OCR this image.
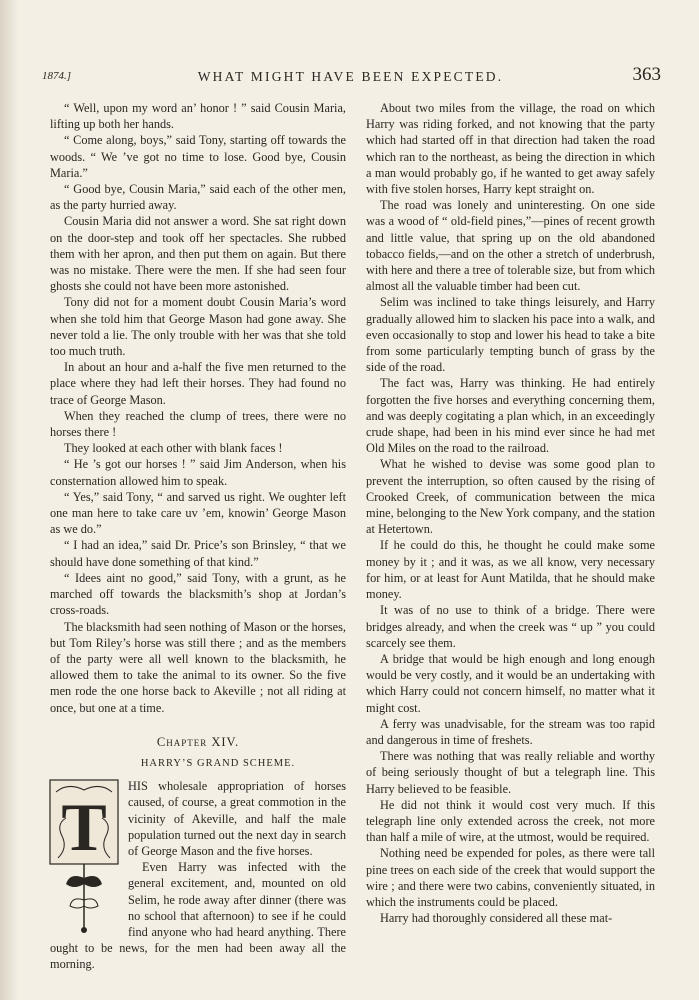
1874.]	WHAT MIGHT HAVE BEEN EXPECTED.	363

“ Well, upon my word an’ honor ! ” said Cousin Maria, lifting up both her hands.

“ Come along, boys,” said Tony, starting off towards the woods. “ We ’ve got no time to lose. Good bye, Cousin Maria.”

“ Good bye, Cousin Maria,” said each of the other men, as the party hurried away.

Cousin Maria did not answer a word. She sat right down on the door-step and took off her spectacles. She rubbed them with her apron, and then put them on again. But there was no mistake. There were the men. If she had seen four ghosts she could not have been more astonished.

Tony did not for a moment doubt Cousin Maria’s word when she told him that George Mason had gone away. She never told a lie. The only trouble with her was that she told too much truth.

In about an hour and a-half the five men returned to the place where they had left their horses. They had found no trace of George Mason.

When they reached the clump of trees, there were no horses there !

They looked at each other with blank faces !

“ He ’s got our horses ! ” said Jim Anderson, when his consternation allowed him to speak.

“ Yes,” said Tony, “ and sarved us right. We oughter left one man here to take care uv ’em, knowin’ George Mason as we do.”

“ I had an idea,” said Dr. Price’s son Brinsley, “ that we should have done something of that kind.”

“ Idees aint no good,” said Tony, with a grunt, as he marched off towards the blacksmith’s shop at Jordan’s cross-roads.

The blacksmith had seen nothing of Mason or the horses, but Tom Riley’s horse was still there ; and as the members of the party were all well known to the blacksmith, he allowed them to take the animal to its owner. So the five men rode the one horse back to Akeville ; not all riding at once, but one at a time.

Chapter XIV.
HARRY’S GRAND SCHEME.
T

HIS wholesale appropriation of horses caused, of course, a great commotion in the vicinity of Akeville, and half the male population turned out the next day in search of George Mason and the five horses.

Even Harry was infected with the general excitement, and, mounted on old Selim, he rode away after dinner (there was no school that afternoon) to see if he could find anyone who had heard anything. There ought to be news, for the men had been away all the morning.

About two miles from the village, the road on which Harry was riding forked, and not knowing that the party which had started off in that direction had taken the road which ran to the northeast, as being the direction in which a man would probably go, if he wanted to get away safely with five stolen horses, Harry kept straight on.

The road was lonely and uninteresting. On one side was a wood of “ old-field pines,”—pines of recent growth and little value, that spring up on the old abandoned tobacco fields,—and on the other a stretch of underbrush, with here and there a tree of tolerable size, but from which almost all the valuable timber had been cut.

Selim was inclined to take things leisurely, and Harry gradually allowed him to slacken his pace into a walk, and even occasionally to stop and lower his head to take a bite from some particularly tempting bunch of grass by the side of the road.

The fact was, Harry was thinking. He had entirely forgotten the five horses and everything concerning them, and was deeply cogitating a plan which, in an exceedingly crude shape, had been in his mind ever since he had met Old Miles on the road to the railroad.

What he wished to devise was some good plan to prevent the interruption, so often caused by the rising of Crooked Creek, of communication between the mica mine, belonging to the New York company, and the station at Hetertown.

If he could do this, he thought he could make some money by it ; and it was, as we all know, very necessary for him, or at least for Aunt Matilda, that he should make money.

It was of no use to think of a bridge. There were bridges already, and when the creek was “ up ” you could scarcely see them.

A bridge that would be high enough and long enough would be very costly, and it would be an undertaking with which Harry could not concern himself, no matter what it might cost.

A ferry was unadvisable, for the stream was too rapid and dangerous in time of freshets.

There was nothing that was really reliable and worthy of being seriously thought of but a telegraph line. This Harry believed to be feasible.

He did not think it would cost very much. If this telegraph line only extended across the creek, not more than half a mile of wire, at the utmost, would be required.

Nothing need be expended for poles, as there were tall pine trees on each side of the creek that would support the wire ; and there were two cabins, conveniently situated, in which the instruments could be placed.

Harry had thoroughly considered all these mat-
